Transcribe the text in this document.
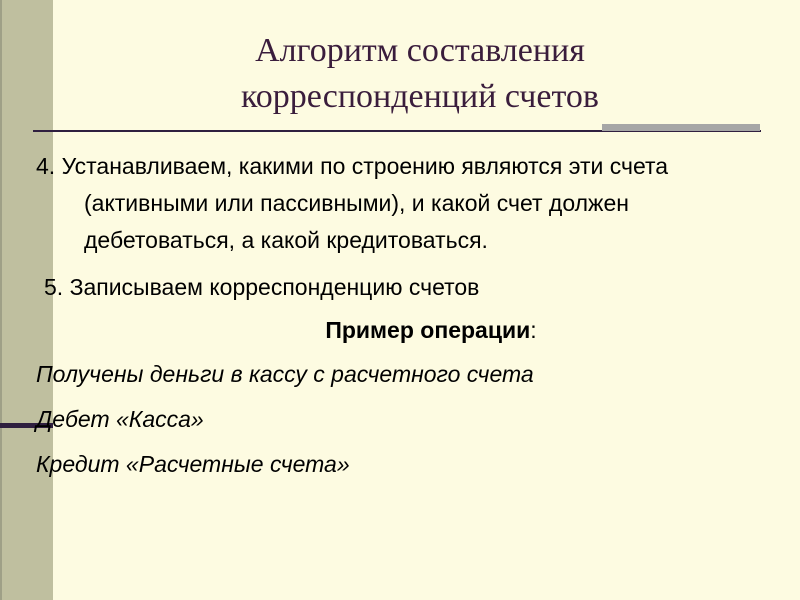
Алгоритм составления
корреспонденций счетов

4. Устанавливаем, какими по строению являются эти счета (активными или пассивными), и какой счет должен дебетоваться, а какой кредитоваться.

5. Записываем корреспонденцию счетов

Пример операции:

Получены деньги в кассу с расчетного счета

Дебет «Касса»

Кредит «Расчетные счета»
